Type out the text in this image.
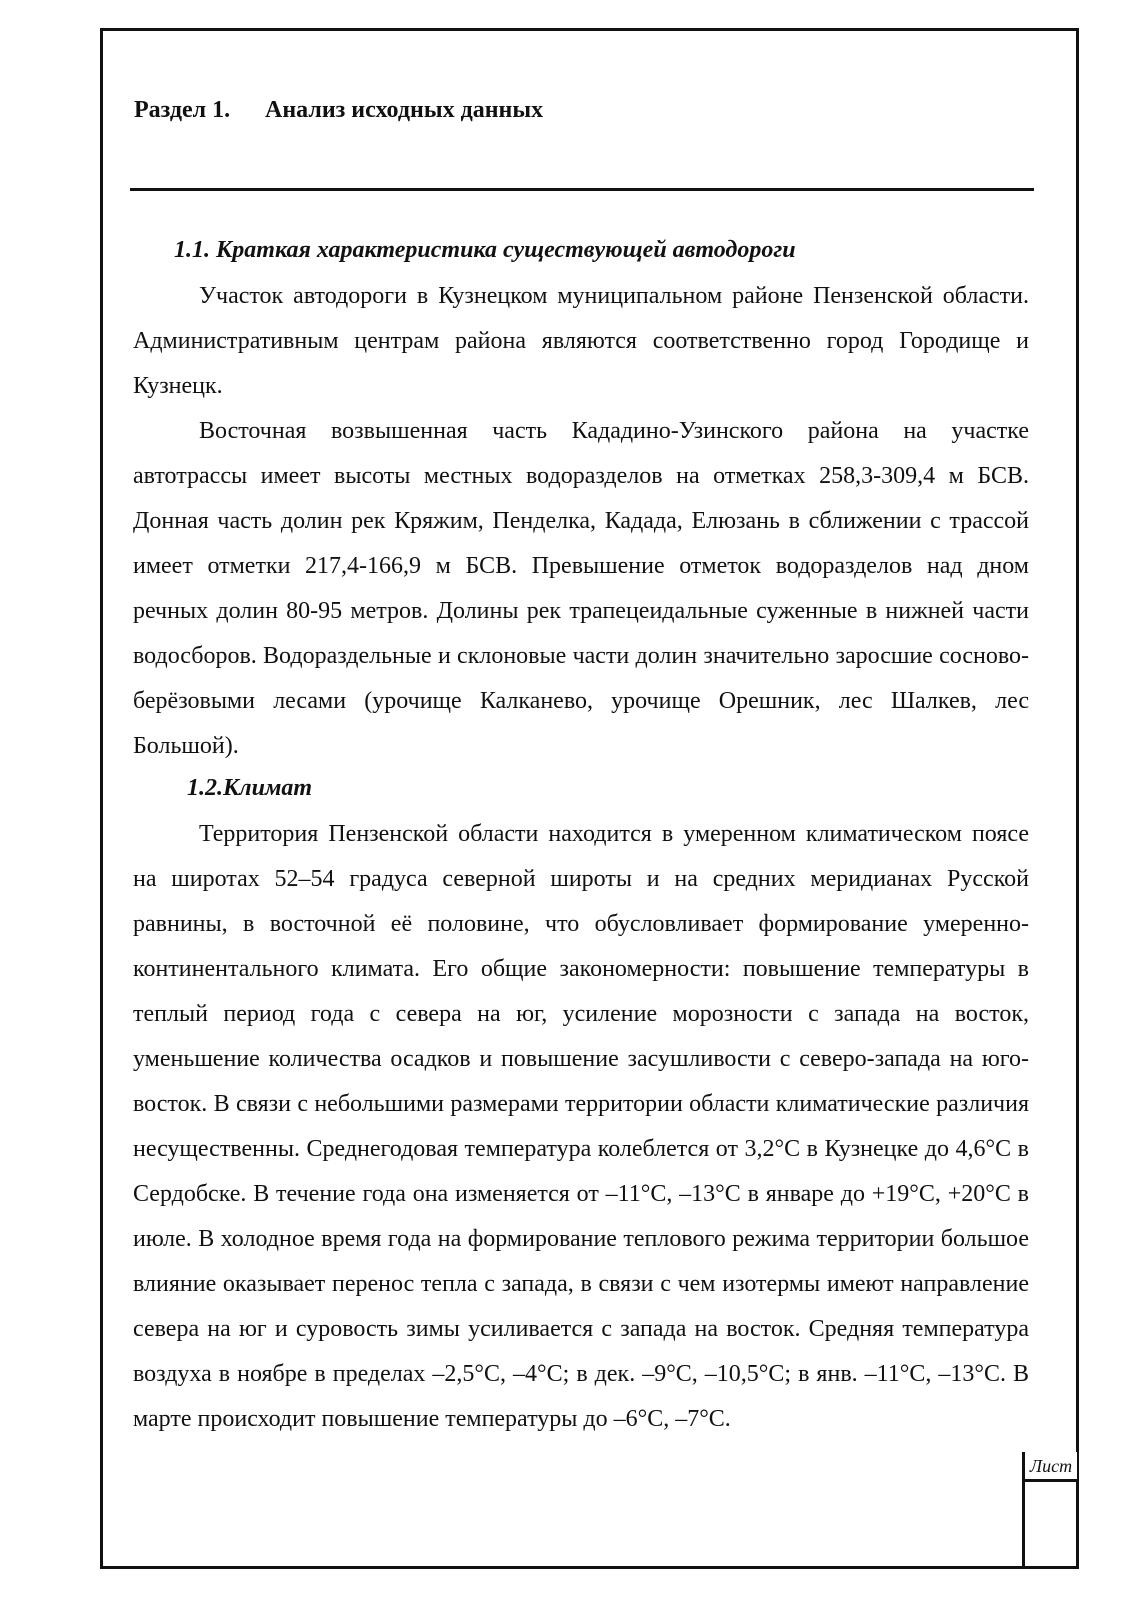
Раздел 1. Анализ исходных данных
1.1. Краткая характеристика существующей автодороги

Участок автодороги в Кузнецком муниципальном районе Пензенской области. Административным центрам района являются соответственно город Городище и Кузнецк.

Восточная возвышенная часть Кададино-Узинского района на участке автотрассы имеет высоты местных водоразделов на отметках 258,3-309,4 м БСВ. Донная часть долин рек Кряжим, Пенделка, Кадада, Елюзань в сближении с трассой имеет отметки 217,4-166,9 м БСВ. Превышение отметок водоразделов над дном речных долин 80-95 метров. Долины рек трапецеидальные суженные в нижней части водосборов. Водораздельные и склоновые части долин значительно заросшие сосново-берёзовыми лесами (урочище Калканево, урочище Орешник, лес Шалкев, лес Большой).

1.2.Климат

Территория Пензенской области находится в умеренном климатическом поясе на широтах 52–54 градуса северной широты и на средних меридианах Русской равнины, в восточной её половине, что обусловливает формирование умеренно-континентального климата. Его общие закономерности: повышение температуры в теплый период года с севера на юг, усиление морозности с запада на восток, уменьшение количества осадков и повышение засушливости с северо-запада на юго-восток. В связи с небольшими размерами территории области климатические различия несущественны. Среднегодовая температура колеблется от 3,2°С в Кузнецке до 4,6°С в Сердобске. В течение года она изменяется от –11°С, –13°С в январе до +19°С, +20°С в июле. В холодное время года на формирование теплового режима территории большое влияние оказывает перенос тепла с запада, в связи с чем изотермы имеют направление севера на юг и суровость зимы усиливается с запада на восток. Средняя температура воздуха в ноябре в пределах –2,5°С, –4°С; в дек. –9°С, –10,5°С; в янв. –11°С, –13°С. В марте происходит повышение температуры до –6°С, –7°С.

Лист
